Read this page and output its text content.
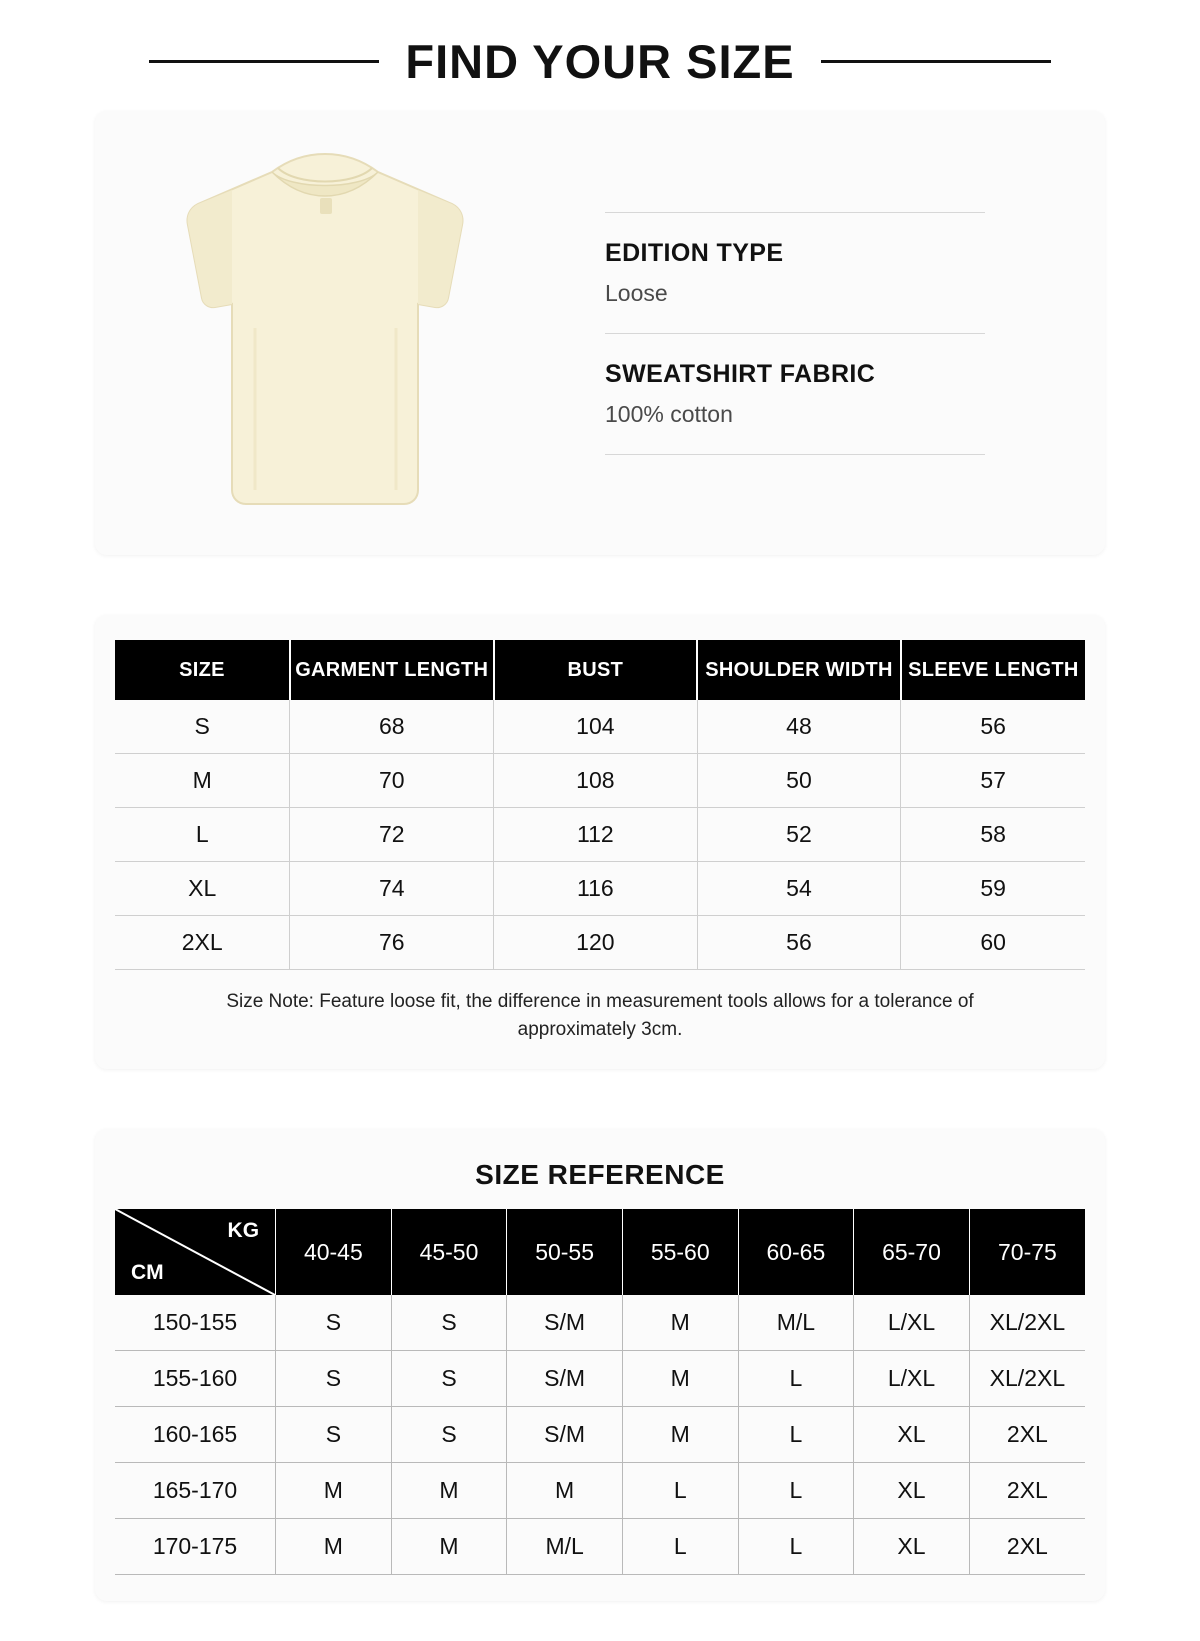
FIND YOUR SIZE
EDITION TYPE
Loose
SWEATSHIRT FABRIC
100% cotton
SIZE	GARMENT LENGTH	BUST	SHOULDER WIDTH	SLEEVE LENGTH
S	68	104	48	56
M	70	108	50	57
L	72	112	52	58
XL	74	116	54	59
2XL	76	120	56	60
Size Note: Feature loose fit, the difference in measurement tools allows for a tolerance of approximately 3cm.
SIZE REFERENCE
KG
CM	40-45	45-50	50-55	55-60	60-65	65-70	70-75
150-155	S	S	S/M	M	M/L	L/XL	XL/2XL
155-160	S	S	S/M	M	L	L/XL	XL/2XL
160-165	S	S	S/M	M	L	XL	2XL
165-170	M	M	M	L	L	XL	2XL
170-175	M	M	M/L	L	L	XL	2XL
